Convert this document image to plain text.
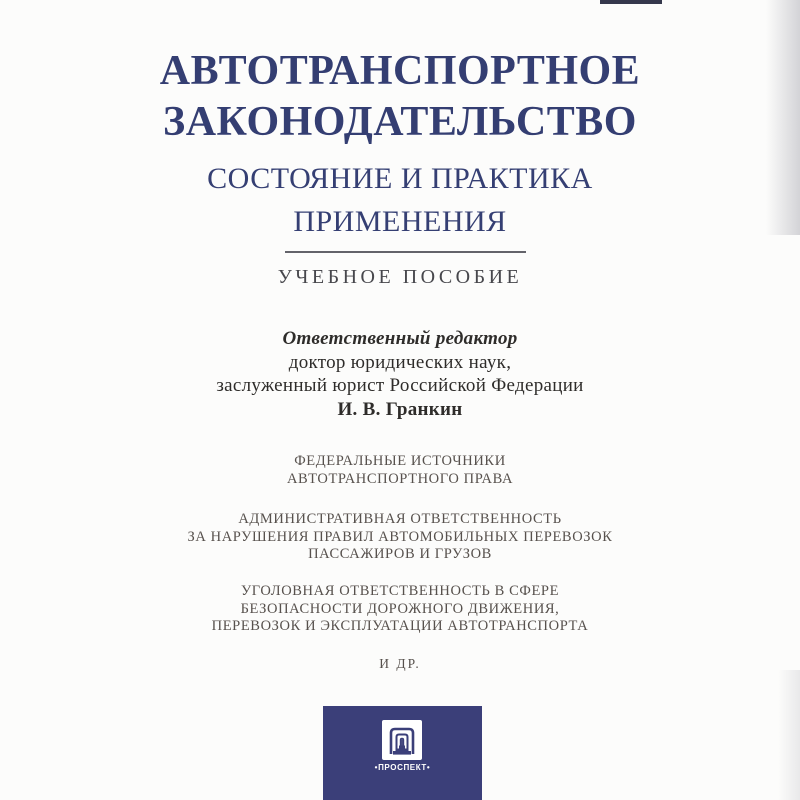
АВТОТРАНСПОРТНОЕ
ЗАКОНОДАТЕЛЬСТВО
СОСТОЯНИЕ И ПРАКТИКА
ПРИМЕНЕНИЯ
УЧЕБНОЕ ПОСОБИЕ
Ответственный редактор
доктор юридических наук,
заслуженный юрист Российской Федерации
И. В. Гранкин

ФЕДЕРАЛЬНЫЕ ИСТОЧНИКИ
АВТОТРАНСПОРТНОГО ПРАВА

АДМИНИСТРАТИВНАЯ ОТВЕТСТВЕННОСТЬ
ЗА НАРУШЕНИЯ ПРАВИЛ АВТОМОБИЛЬНЫХ ПЕРЕВОЗОК
ПАССАЖИРОВ И ГРУЗОВ

УГОЛОВНАЯ ОТВЕТСТВЕННОСТЬ В СФЕРЕ
БЕЗОПАСНОСТИ ДОРОЖНОГО ДВИЖЕНИЯ,
ПЕРЕВОЗОК И ЭКСПЛУАТАЦИИ АВТОТРАНСПОРТА

И ДР.
•ПРОСПЕКТ•
